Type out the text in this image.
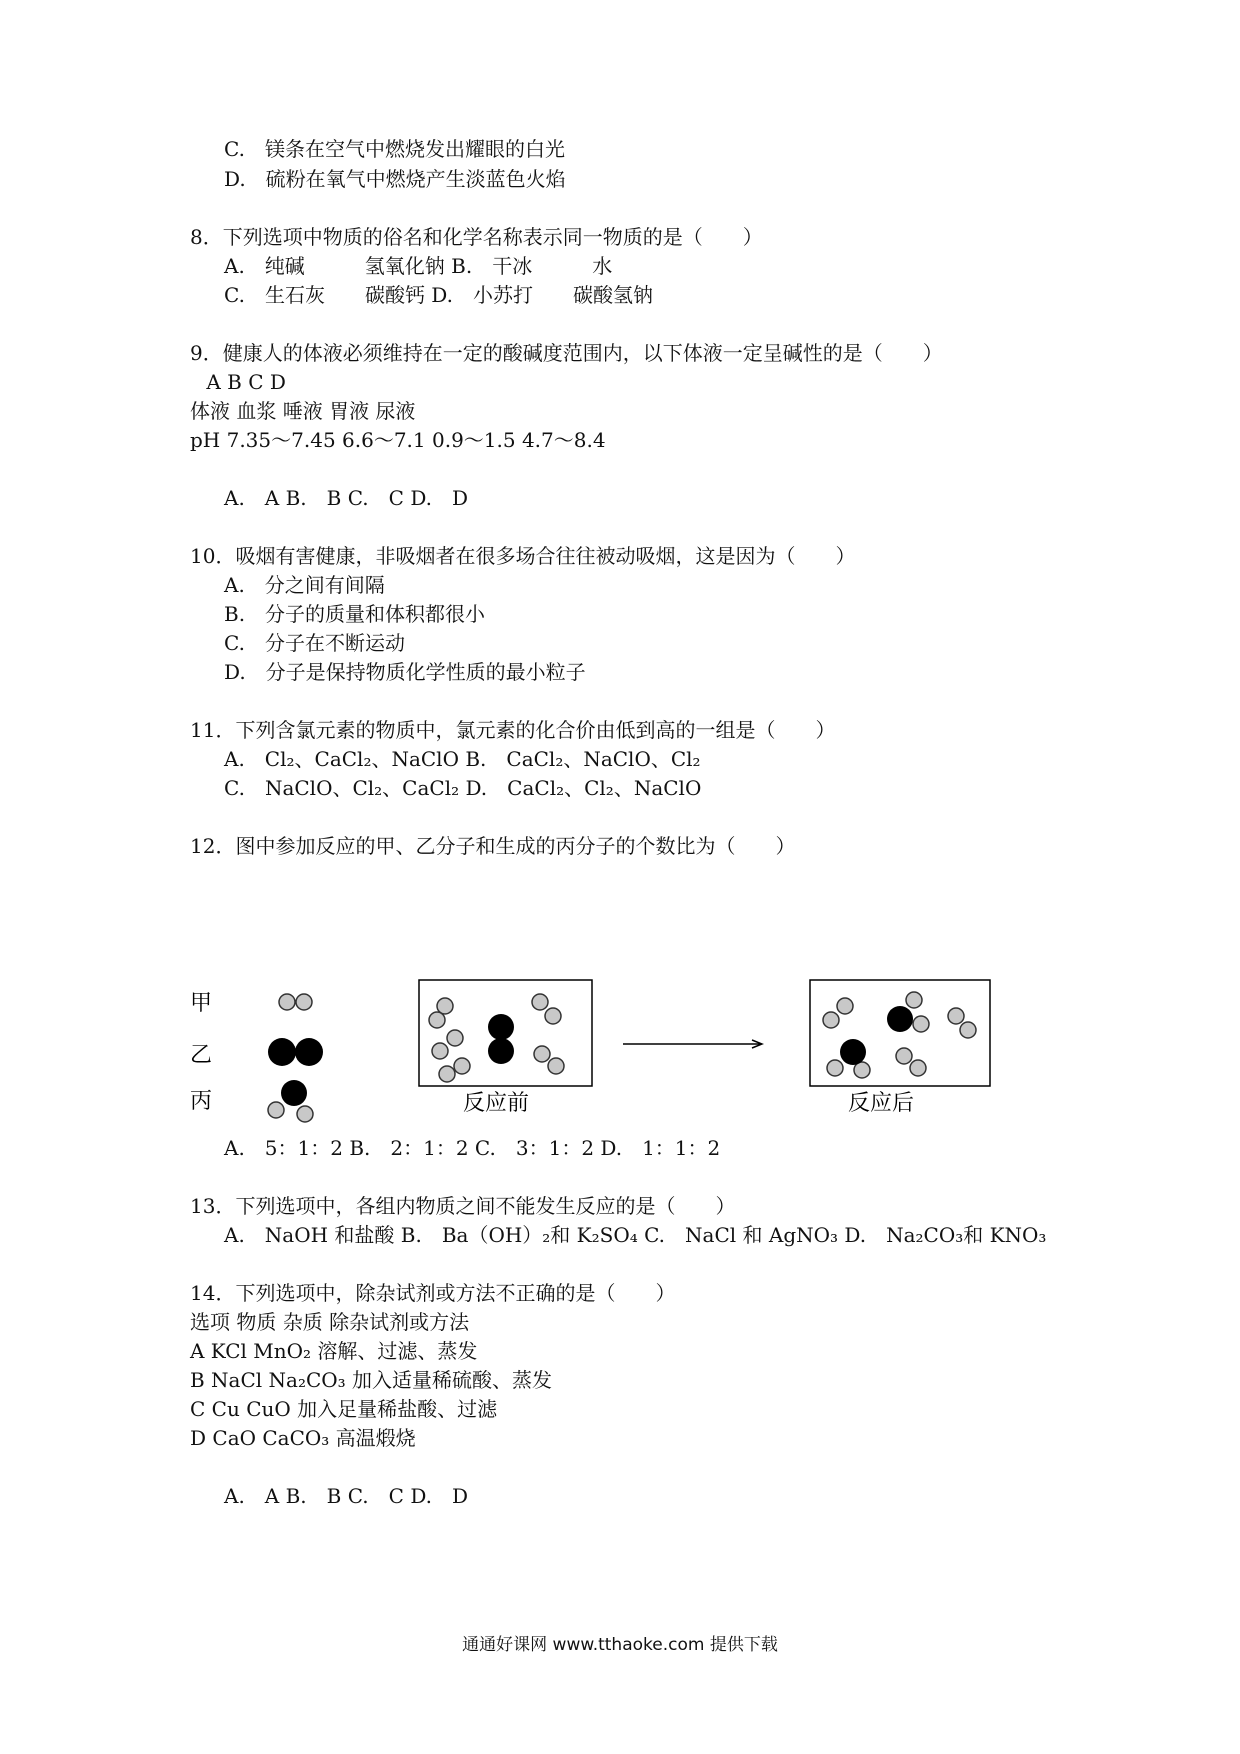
C.　镁条在空气中燃烧发出耀眼的白光
D.　硫粉在氧气中燃烧产生淡蓝色火焰
8．下列选项中物质的俗名和化学名称表示同一物质的是（　　）
A.　纯碱　　　氢氧化钠 B.　干冰　　　水
C.　生石灰　　碳酸钙 D.　小苏打　　碳酸氢钠
9．健康人的体液必须维持在一定的酸碱度范围内，以下体液一定呈碱性的是（　　）
A B C D
体液 血浆 唾液 胃液 尿液
pH 7.35～7.45 6.6～7.1 0.9～1.5 4.7～8.4
A.　A B.　B C.　C D.　D
10．吸烟有害健康，非吸烟者在很多场合往往被动吸烟，这是因为（　　）
A.　分之间有间隔
B.　分子的质量和体积都很小
C.　分子在不断运动
D.　分子是保持物质化学性质的最小粒子
11．下列含氯元素的物质中，氯元素的化合价由低到高的一组是（　　）
A.　Cl₂、CaCl₂、NaClO B.　CaCl₂、NaClO、Cl₂
C.　NaClO、Cl₂、CaCl₂ D.　CaCl₂、Cl₂、NaClO
12．图中参加反应的甲、乙分子和生成的丙分子的个数比为（　　）
甲
乙
丙	反应前	反应后
A.　5：1：2 B.　2：1：2 C.　3：1：2 D.　1：1：2
13．下列选项中，各组内物质之间不能发生反应的是（　　）
A.　NaOH 和盐酸 B.　Ba（OH）₂和 K₂SO₄ C.　NaCl 和 AgNO₃ D.　Na₂CO₃和 KNO₃
14．下列选项中，除杂试剂或方法不正确的是（　　）
选项 物质 杂质 除杂试剂或方法
A KCl MnO₂ 溶解、过滤、蒸发
B NaCl Na₂CO₃ 加入适量稀硫酸、蒸发
C Cu CuO 加入足量稀盐酸、过滤
D CaO CaCO₃ 高温煅烧
A.　A B.　B C.　C D.　D
通通好课网 www.tthaoke.com 提供下载
